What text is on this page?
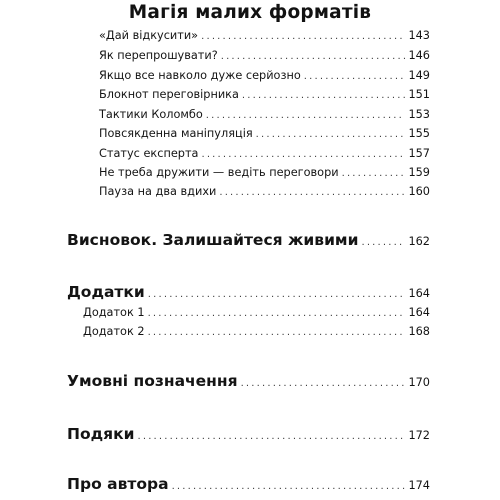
Магія малих форматів
«Дай відкусити» . . .	143
Як перепрошувати? . . .	146
Якщо все навколо дуже серйозно . . .	149
Блокнот переговірника . . .	151
Тактики Коломбо . . .	153
Повсякденна маніпуляція . . .	155
Статус експерта . . .	157
Не треба дружити — ведіть переговори . . .	159
Пауза на два вдихи . . .	160
Висновок. Залишайтеся живими . . .	162
Додатки . . .	164
Додаток 1 . . .	164
Додаток 2 . . .	168
Умовні позначення . . .	170
Подяки . . .	172
Про автора . . .	174
